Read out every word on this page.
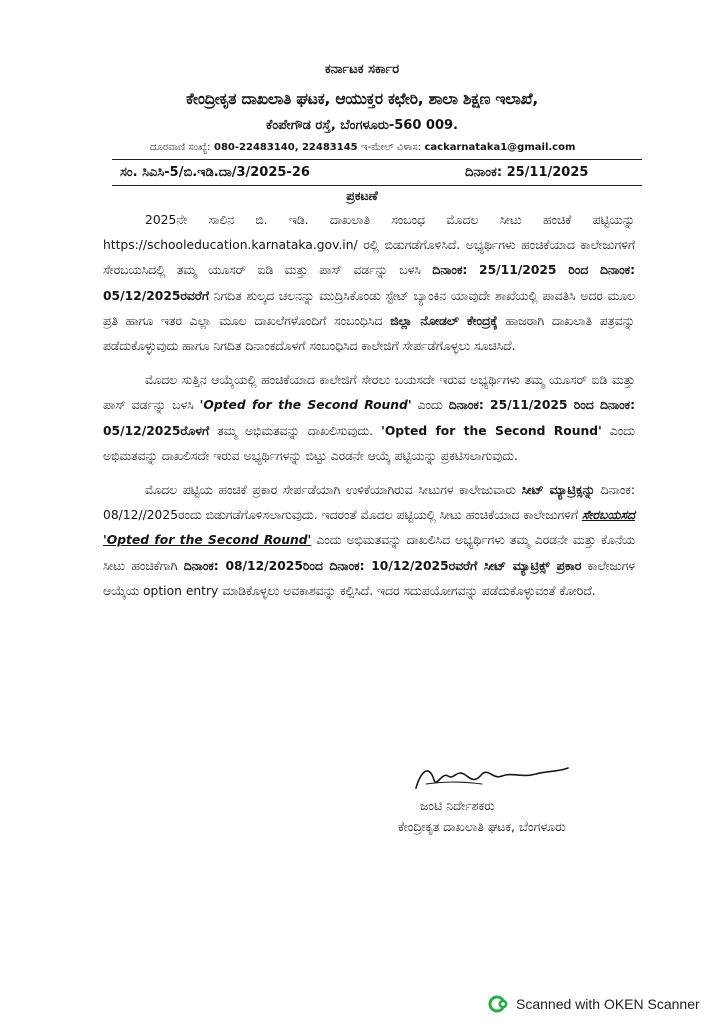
ಕರ್ನಾಟಕ ಸರ್ಕಾರ
ಕೇಂದ್ರೀಕೃತ ದಾಖಲಾತಿ ಘಟಕ, ಆಯುಕ್ತರ ಕಛೇರಿ, ಶಾಲಾ ಶಿಕ್ಷಣ ಇಲಾಖೆ,
ಕೆಂಪೇಗೌಡ ರಸ್ತೆ, ಬೆಂಗಳೂರು-560 009.
ದೂರವಾಣಿ ಸಂಖ್ಯೆ: 080-22483140, 22483145 ಇ-ಮೇಲ್ ವಿಳಾಸ: cackarnataka1@gmail.com
ಸಂ. ಸಿಎಸಿ-5/ಬಿ.ಇಡಿ.ದಾ/3/2025-26	ದಿನಾಂಕ: 25/11/2025
ಪ್ರಕಟಣೆ

2025ನೇ ಸಾಲಿನ ಬಿ. ಇಡಿ. ದಾಖಲಾತಿ ಸಂಬಂಧ ಮೊದಲ ಸೀಟು ಹಂಚಿಕೆ ಪಟ್ಟಿಯನ್ನು https://schooleducation.karnataka.gov.in/ ರಲ್ಲಿ ಬಿಡುಗಡೆಗೊಳಿಸಿದೆ. ಅಭ್ಯರ್ಥಿಗಳು ಹಂಚಿಕೆಯಾದ ಕಾಲೇಜುಗಳಿಗೆ ಸೇರಬಯಸಿದಲ್ಲಿ ತಮ್ಮ ಯೂಸರ್ ಐಡಿ ಮತ್ತು ಪಾಸ್ ವರ್ಡನ್ನು ಬಳಸಿ ದಿನಾಂಕ: 25/11/2025 ರಿಂದ ದಿನಾಂಕ: 05/12/2025ರವರೆಗೆ ನಿಗದಿತ ಶುಲ್ಕದ ಚಲನನ್ನು ಮುದ್ರಿಸಿಕೊಂಡು ಸ್ಟೇಟ್ ಬ್ಯಾಂಕಿನ ಯಾವುದೇ ಶಾಖೆಯಲ್ಲಿ ಪಾವತಿಸಿ ಅದರ ಮೂಲ ಪ್ರತಿ ಹಾಗೂ ಇತರ ಎಲ್ಲಾ ಮೂಲ ದಾಖಲೆಗಳೊಂದಿಗೆ ಸಂಬಂಧಿಸಿದ ಜಿಲ್ಲಾ ನೋಡಲ್ ಕೇಂದ್ರಕ್ಕೆ ಹಾಜರಾಗಿ ದಾಖಲಾತಿ ಪತ್ರವನ್ನು ಪಡೆದುಕೊಳ್ಳುವುದು ಹಾಗೂ ನಿಗದಿತ ದಿನಾಂಕದೊಳಗೆ ಸಂಬಂಧಿಸಿದ ಕಾಲೇಜಿಗೆ ಸೇರ್ಪಡೆಗೊಳ್ಳಲು ಸೂಚಿಸಿದೆ.

ಮೊದಲ ಸುತ್ತಿನ ಆಯ್ಕೆಯಲ್ಲಿ ಹಂಚಿಕೆಯಾದ ಕಾಲೇಜಿಗೆ ಸೇರಲು ಬಯಸದೇ ಇರುವ ಅಭ್ಯರ್ಥಿಗಳು ತಮ್ಮ ಯೂಸರ್ ಐಡಿ ಮತ್ತು ಪಾಸ್ ವರ್ಡನ್ನು ಬಳಸಿ 'Opted for the Second Round' ಎಂದು ದಿನಾಂಕ: 25/11/2025 ರಿಂದ ದಿನಾಂಕ: 05/12/2025ರೊಳಗೆ ತಮ್ಮ ಅಭಿಮತವನ್ನು ದಾಖಲಿಸುವುದು. 'Opted for the Second Round' ಎಂದು ಅಭಿಮತವನ್ನು ದಾಖಲಿಸದೇ ಇರುವ ಅಭ್ಯರ್ಥಿಗಳನ್ನು ಬಿಟ್ಟು ಎರಡನೇ ಆಯ್ಕೆ ಪಟ್ಟಿಯನ್ನು ಪ್ರಕಟಿಸಲಾಗುವುದು.

ಮೊದಲ ಪಟ್ಟಿಯ ಹಂಚಿಕೆ ಪ್ರಕಾರ ಸೇರ್ಪಡೆಯಾಗಿ ಉಳಿಕೆಯಾಗಿರುವ ಸೀಟುಗಳ ಕಾಲೇಜುವಾರು ಸೀಟ್ ಮ್ಯಾಟ್ರಿಕ್ಸನ್ನು ದಿನಾಂಕ: 08/12//2025ರಂದು ಬಿಡುಗಡೆಗೊಳಿಸಲಾಗುವುದು. ಇದರಂತೆ ಮೊದಲ ಪಟ್ಟಿಯಲ್ಲಿ ಸೀಟು ಹಂಚಿಕೆಯಾದ ಕಾಲೇಜುಗಳಿಗೆ ಸೇರಬಯಸದ 'Opted for the Second Round' ಎಂದು ಅಭಿಮತವನ್ನು ದಾಖಲಿಸಿದ ಅಭ್ಯರ್ಥಿಗಳು ತಮ್ಮ ಎರಡನೇ ಮತ್ತು ಕೊನೆಯ ಸೀಟು ಹಂಚಿಕೆಗಾಗಿ ದಿನಾಂಕ: 08/12/2025ರಿಂದ ದಿನಾಂಕ: 10/12/2025ರವರೆಗೆ ಸೀಟ್ ಮ್ಯಾಟ್ರಿಕ್ಸ್ ಪ್ರಕಾರ ಕಾಲೇಜುಗಳ ಆಯ್ಕೆಯ option entry ಮಾಡಿಕೊಳ್ಳಲು ಅವಕಾಶವನ್ನು ಕಲ್ಪಿಸಿದೆ. ಇದರ ಸದುಪಯೋಗವನ್ನು ಪಡೆದುಕೊಳ್ಳುವಂತೆ ಕೋರಿದೆ.

ಜಂಟಿ ನಿರ್ದೇಶಕರು
ಕೇಂದ್ರೀಕೃತ ದಾಖಲಾತಿ ಘಟಕ, ಬೆಂಗಳೂರು
Scanned with OKEN Scanner
